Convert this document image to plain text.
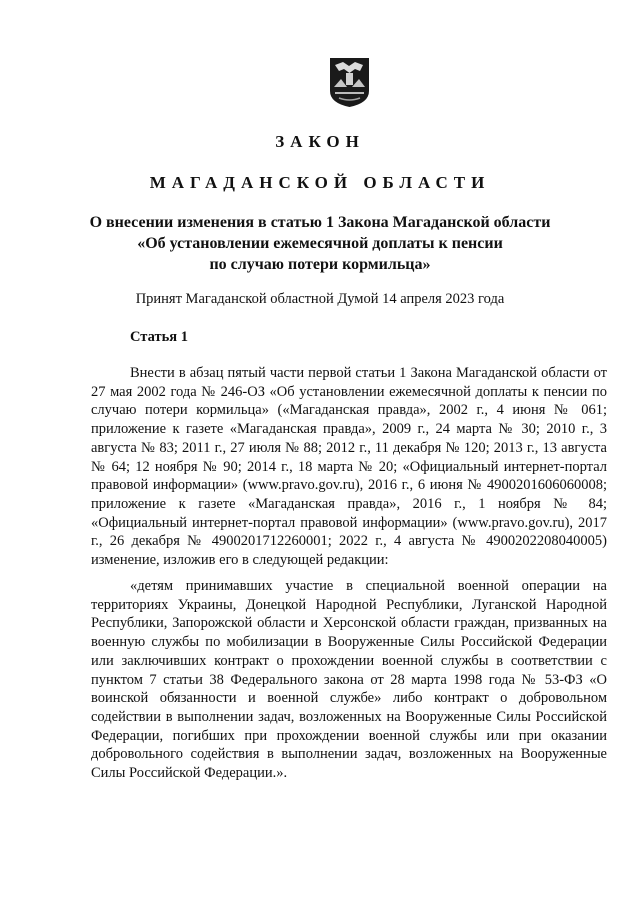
ЗАКОН

МАГАДАНСКОЙ ОБЛАСТИ

О внесении изменения в статью 1 Закона Магаданской области
«Об установлении ежемесячной доплаты к пенсии
по случаю потери кормильца»

Принят Магаданской областной Думой 14 апреля 2023 года

Статья 1

Внести в абзац пятый части первой статьи 1 Закона Магаданской области от 27 мая 2002 года № 246-ОЗ «Об установлении ежемесячной доплаты к пенсии по случаю потери кормильца» («Магаданская правда», 2002 г., 4 июня № 061; приложение к газете «Магаданская правда», 2009 г., 24 марта № 30; 2010 г., 3 августа № 83; 2011 г., 27 июля № 88; 2012 г., 11 декабря № 120; 2013 г., 13 августа № 64; 12 ноября № 90; 2014 г., 18 марта № 20; «Официальный интернет-портал правовой информации» (www.pravo.gov.ru), 2016 г., 6 июня № 4900201606060008; приложение к газете «Магаданская правда», 2016 г., 1 ноября № 84; «Официальный интернет-портал правовой информации» (www.pravo.gov.ru), 2017 г., 26 декабря № 4900201712260001; 2022 г., 4 августа № 4900202208040005) изменение, изложив его в следующей редакции:

«детям принимавших участие в специальной военной операции на территориях Украины, Донецкой Народной Республики, Луганской Народной Республики, Запорожской области и Херсонской области граждан, призванных на военную службы по мобилизации в Вооруженные Силы Российской Федерации или заключивших контракт о прохождении военной службы в соответствии с пунктом 7 статьи 38 Федерального закона от 28 марта 1998 года № 53-ФЗ «О воинской обязанности и военной службе» либо контракт о добровольном содействии в выполнении задач, возложенных на Вооруженные Силы Российской Федерации, погибших при прохождении военной службы или при оказании добровольного содействия в выполнении задач, возложенных на Вооруженные Силы Российской Федерации.».
